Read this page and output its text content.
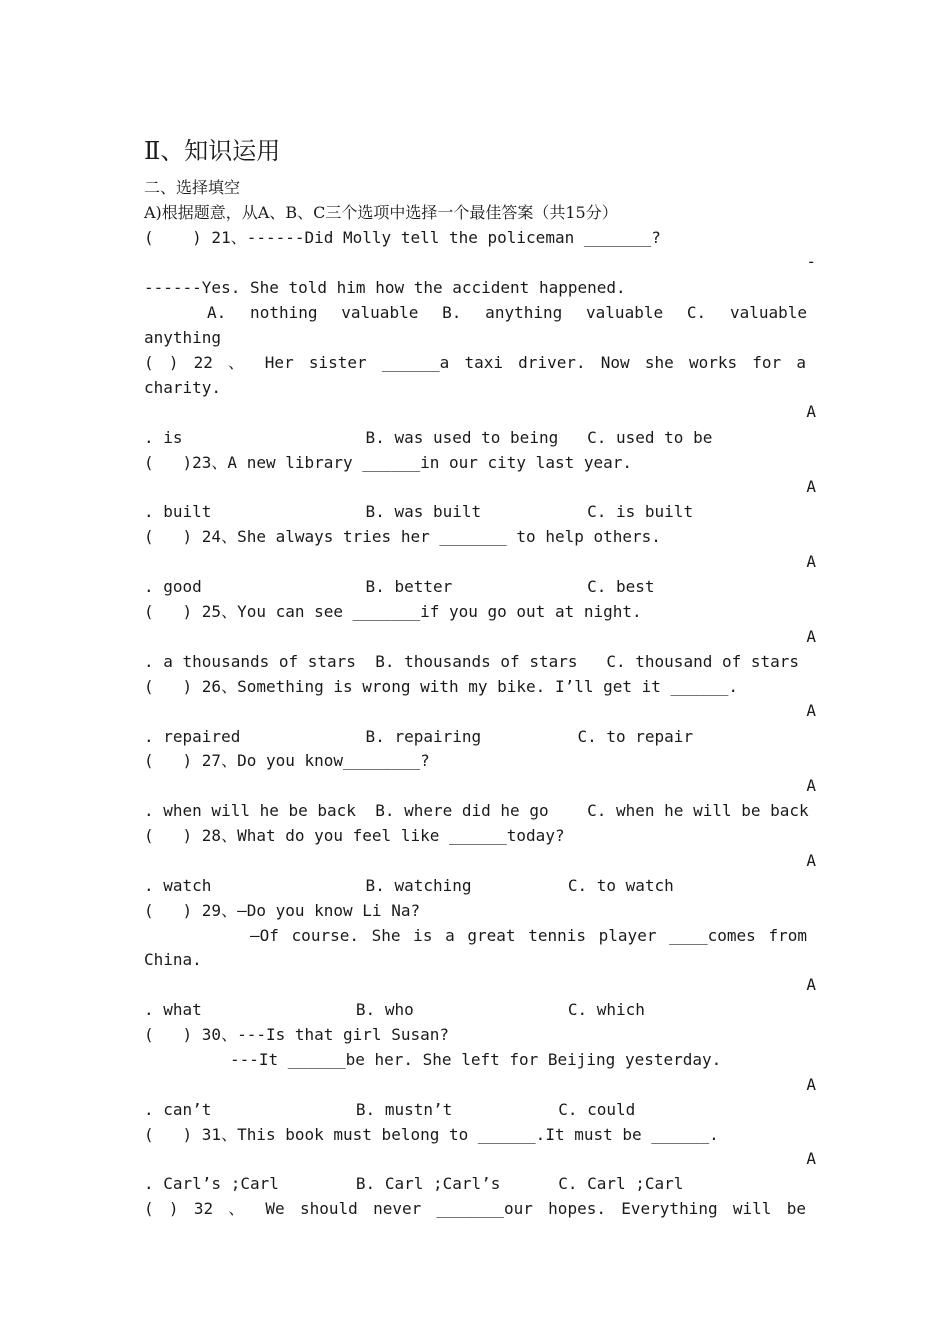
Ⅱ、知识运用
二、选择填空
A)根据题意，从A、B、C三个选项中选择一个最佳答案（共15分）
(    ) 21、------Did Molly tell the policeman _______?
-
------Yes. She told him how the accident happened.
A. nothing valuable B. anything valuable C. valuable
anything
( ) 22 、 Her sister ______a taxi driver. Now she works for a
charity.
A
. is                   B. was used to being   C. used to be
(   )23、A new library ______in our city last year.
A
. built                B. was built           C. is built
(   ) 24、She always tries her _______ to help others.
A
. good                 B. better              C. best
(   ) 25、You can see _______if you go out at night.
A
. a thousands of stars  B. thousands of stars   C. thousand of stars
(   ) 26、Something is wrong with my bike. I’ll get it ______.
A
. repaired             B. repairing          C. to repair
(   ) 27、Do you know________?
A
. when will he be back  B. where did he go    C. when he will be back
(   ) 28、What do you feel like ______today?
A
. watch                B. watching          C. to watch
(   ) 29、—Do you know Li Na?
—Of course. She is a great tennis player ____comes from
China.
A
. what                B. who                C. which
(   ) 30、---Is that girl Susan?
---It ______be her. She left for Beijing yesterday.
A
. can’t               B. mustn’t           C. could
(   ) 31、This book must belong to ______.It must be ______.
A
. Carl’s ;Carl        B. Carl ;Carl’s      C. Carl ;Carl
( ) 32 、 We should never _______our hopes. Everything will be
